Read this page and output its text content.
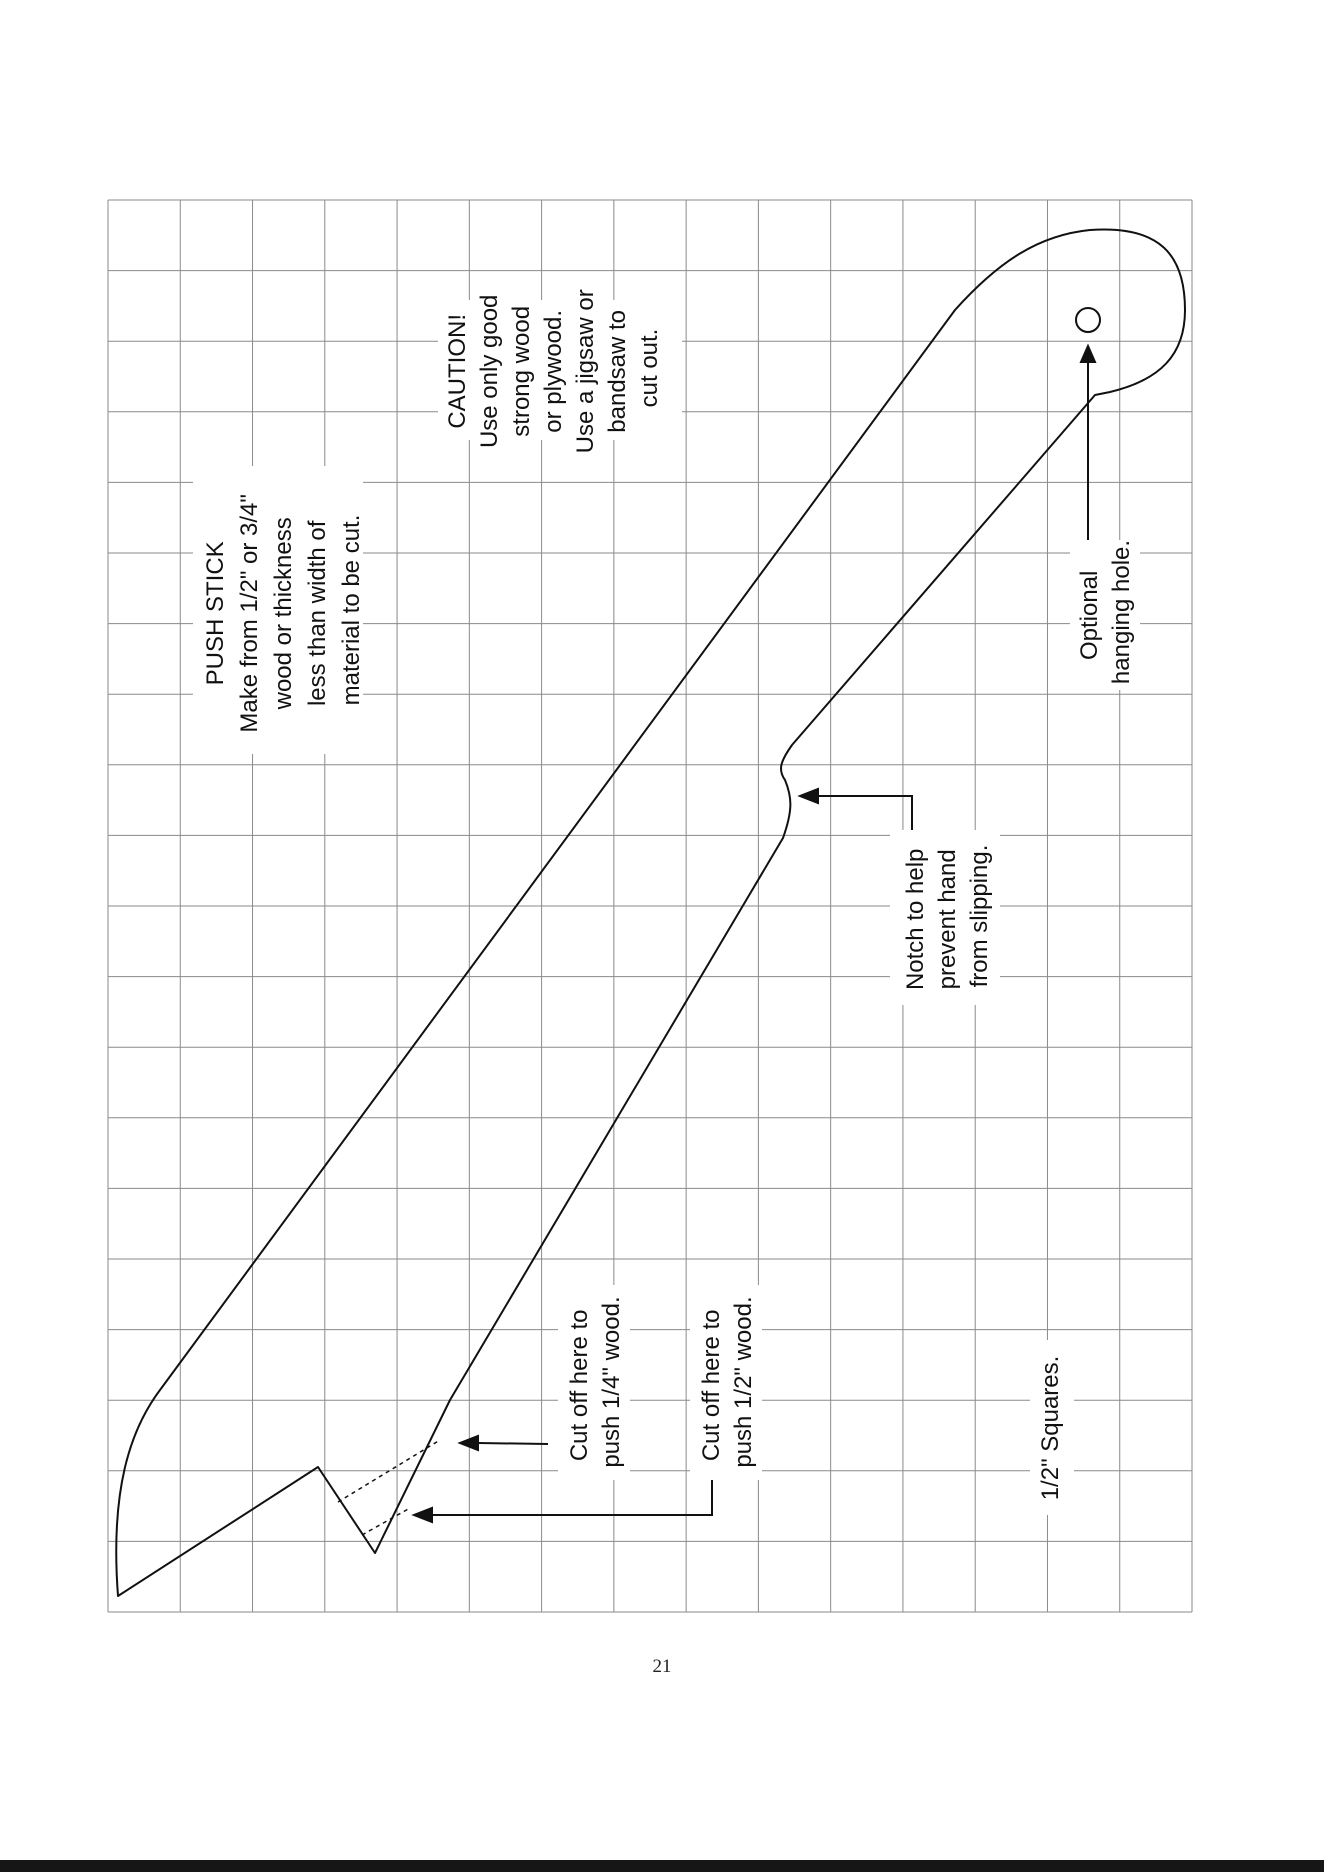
PUSH STICK Make from 1/2" or 3/4" wood or thickness less than width of material to be cut.
CAUTION! Use only good strong wood or plywood. Use a jigsaw or bandsaw to cut out.
Optional hanging hole.
Notch to help prevent hand from slipping.
Cut off here to push 1/4" wood.	Cut off here to push 1/2" wood.	1/2" Squares.
21
